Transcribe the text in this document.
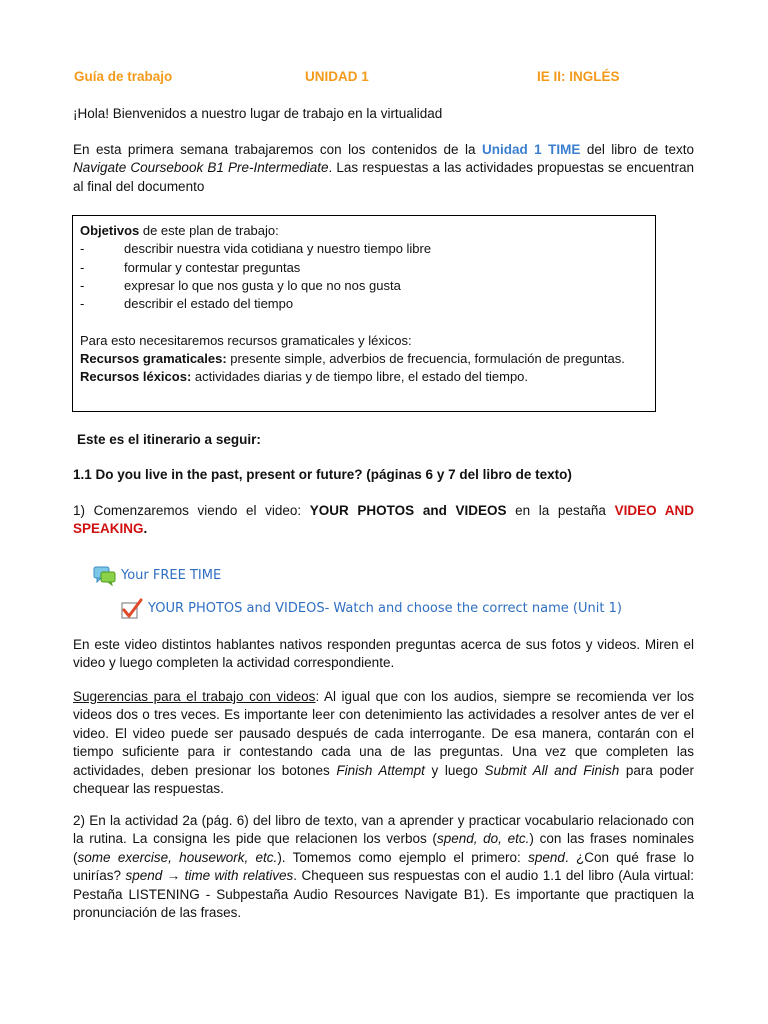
Guía de trabajo	UNIDAD 1	IE II: INGLÉS
¡Hola! Bienvenidos a nuestro lugar de trabajo en la virtualidad
En esta primera semana trabajaremos con los contenidos de la Unidad 1 TIME del libro de texto Navigate Coursebook B1 Pre-Intermediate. Las respuestas a las actividades propuestas se encuentran al final del documento
Objetivos de este plan de trabajo:
-	describir nuestra vida cotidiana y nuestro tiempo libre
-	formular y contestar preguntas
-	expresar lo que nos gusta y lo que no nos gusta
-	describir el estado del tiempo
Para esto necesitaremos recursos gramaticales y léxicos:
Recursos gramaticales: presente simple, adverbios de frecuencia, formulación de preguntas.
Recursos léxicos: actividades diarias y de tiempo libre, el estado del tiempo.
Este es el itinerario a seguir:
1.1 Do you live in the past, present or future? (páginas 6 y 7 del libro de texto)
1) Comenzaremos viendo el video: YOUR PHOTOS and VIDEOS en la pestaña VIDEO AND SPEAKING.
Your FREE TIME
YOUR PHOTOS and VIDEOS- Watch and choose the correct name (Unit 1)
En este video distintos hablantes nativos responden preguntas acerca de sus fotos y videos. Miren el video y luego completen la actividad correspondiente.
Sugerencias para el trabajo con videos: Al igual que con los audios, siempre se recomienda ver los videos dos o tres veces. Es importante leer con detenimiento las actividades a resolver antes de ver el video. El video puede ser pausado después de cada interrogante. De esa manera, contarán con el tiempo suficiente para ir contestando cada una de las preguntas. Una vez que completen las actividades, deben presionar los botones Finish Attempt y luego Submit All and Finish para poder chequear las respuestas.
2) En la actividad 2a (pág. 6) del libro de texto, van a aprender y practicar vocabulario relacionado con la rutina. La consigna les pide que relacionen los verbos (spend, do, etc.) con las frases nominales (some exercise, housework, etc.). Tomemos como ejemplo el primero: spend. ¿Con qué frase lo unirías? spend → time with relatives. Chequeen sus respuestas con el audio 1.1 del libro (Aula virtual: Pestaña LISTENING - Subpestaña Audio Resources Navigate B1). Es importante que practiquen la pronunciación de las frases.
